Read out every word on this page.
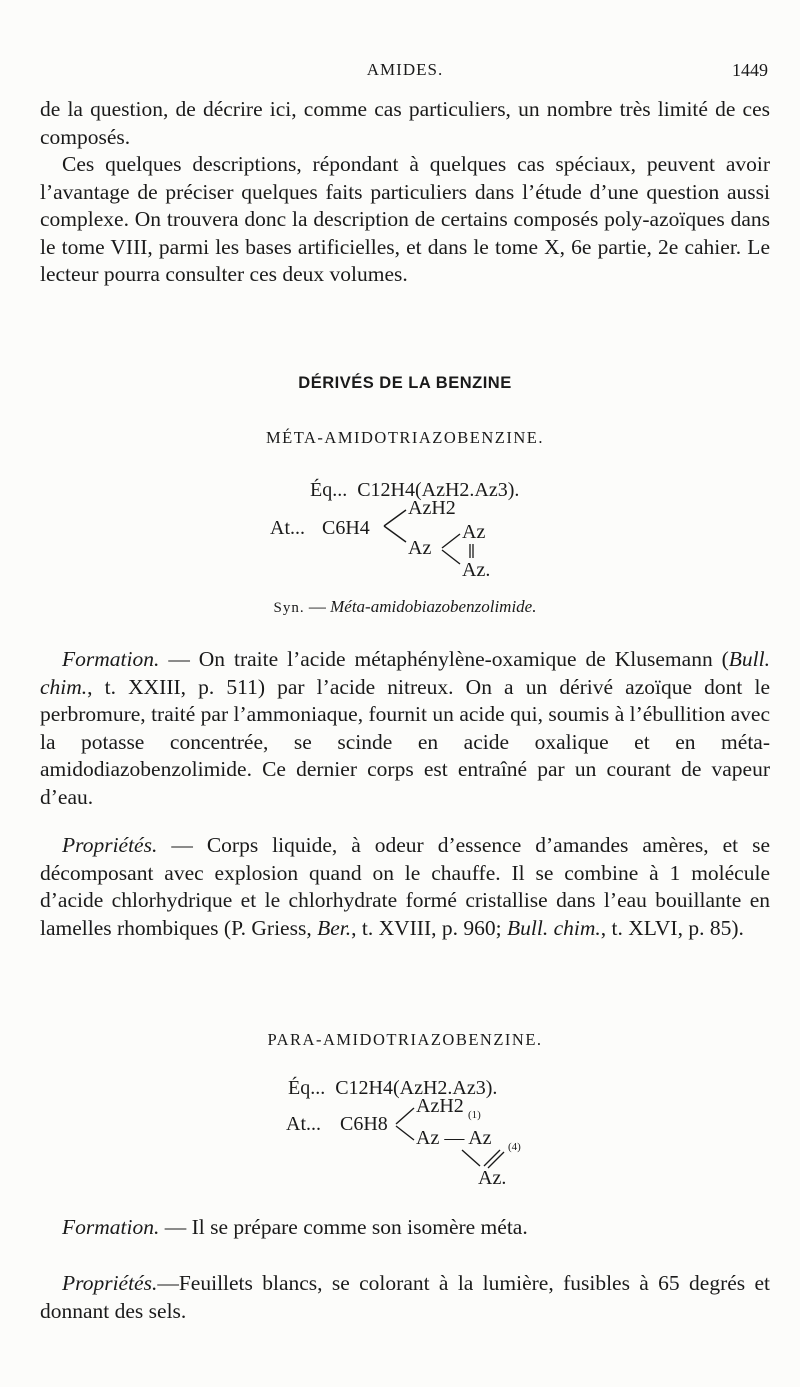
AMIDES.	1449

de la question, de décrire ici, comme cas particuliers, un nombre très limité de ces composés.

Ces quelques descriptions, répondant à quelques cas spéciaux, peuvent avoir l’avantage de préciser quelques faits particuliers dans l’étude d’une question aussi complexe. On trouvera donc la description de certains composés poly-azoïques dans le tome VIII, parmi les bases artificielles, et dans le tome X, 6e partie, 2e cahier. Le lecteur pourra consulter ces deux volumes.

DÉRIVÉS DE LA BENZINE
MÉTA-AMIDOTRIAZOBENZINE.
Éq... C12H4(AzH2.Az3).
At... C6H4
AzH2
Az
Az
Az.
Syn. — Méta-amidobiazobenzolimide.

Formation. — On traite l’acide métaphénylène-oxamique de Klusemann (Bull. chim., t. XXIII, p. 511) par l’acide nitreux. On a un dérivé azoïque dont le perbromure, traité par l’ammoniaque, fournit un acide qui, soumis à l’ébullition avec la potasse concentrée, se scinde en acide oxalique et en méta-amidodiazobenzolimide. Ce dernier corps est entraîné par un courant de vapeur d’eau.

Propriétés. — Corps liquide, à odeur d’essence d’amandes amères, et se décomposant avec explosion quand on le chauffe. Il se combine à 1 molécule d’acide chlorhydrique et le chlorhydrate formé cristallise dans l’eau bouillante en lamelles rhombiques (P. Griess, Ber., t. XVIII, p. 960; Bull. chim., t. XLVI, p. 85).

PARA-AMIDOTRIAZOBENZINE.
Éq... C12H4(AzH2.Az3).
At... C6H8
AzH2 (1)
Az — Az (4)
Az.

Formation. — Il se prépare comme son isomère méta.

Propriétés.—Feuillets blancs, se colorant à la lumière, fusibles à 65 degrés et donnant des sels.
